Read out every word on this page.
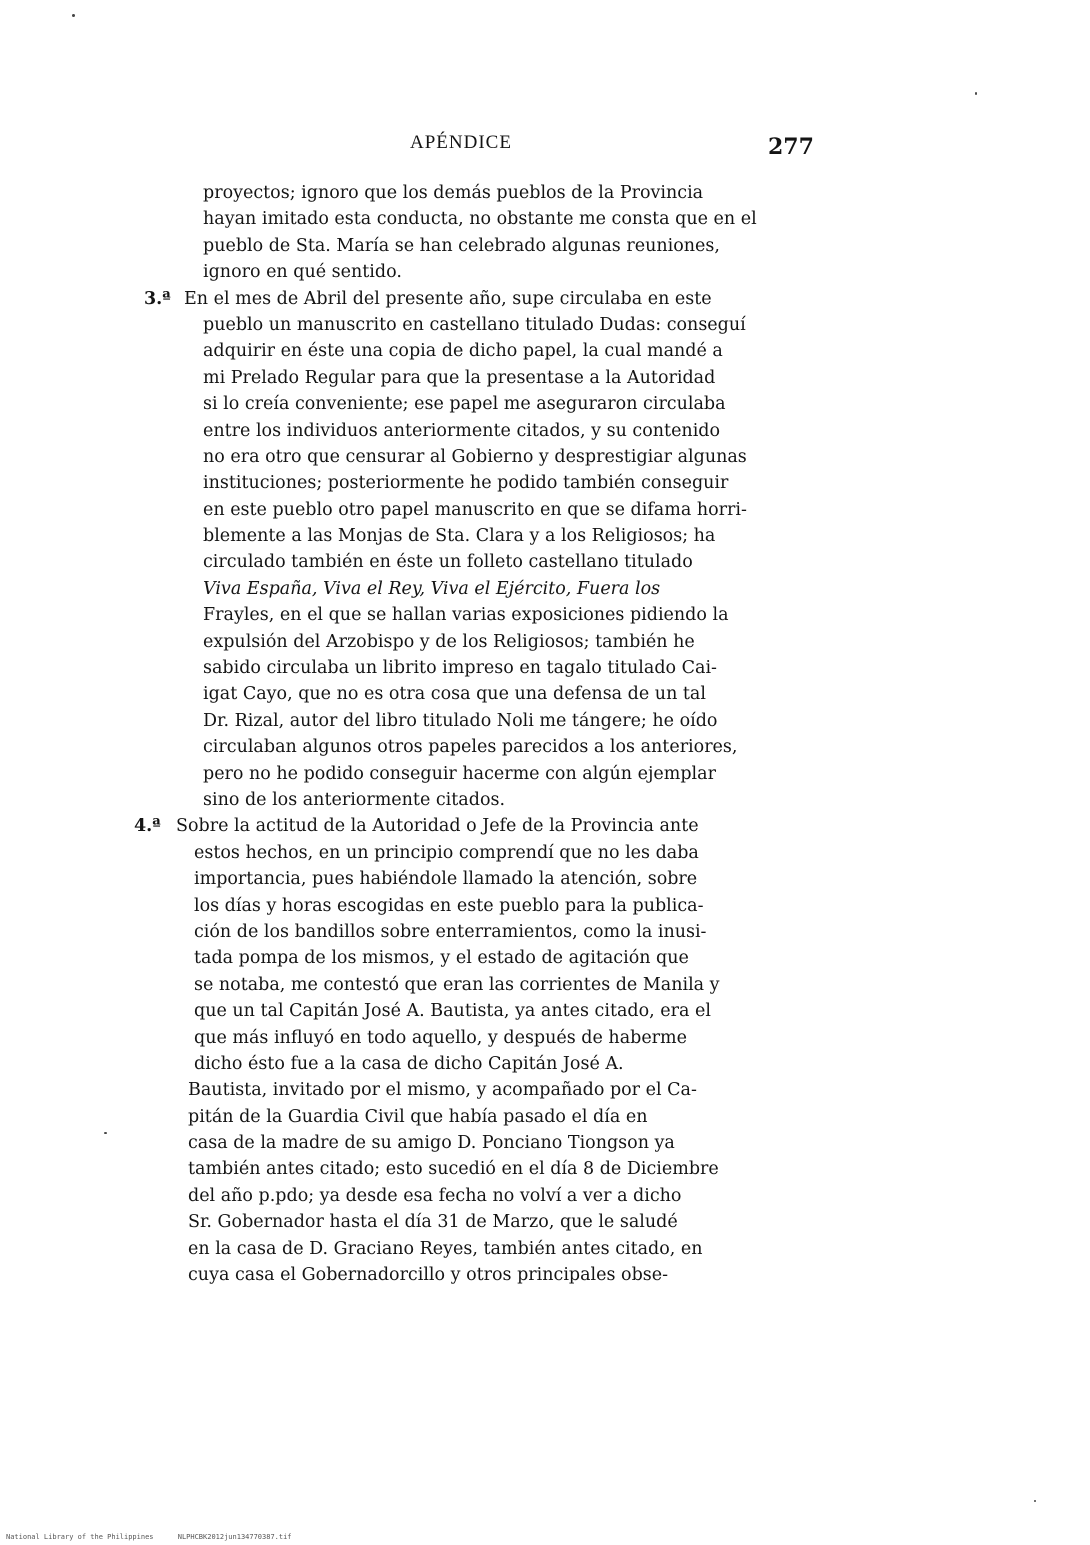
APÉNDICE	277
proyectos; ignoro que los demás pueblos de la Provincia
hayan imitado esta conducta, no obstante me consta que en el
pueblo de Sta. María se han celebrado algunas reuniones,
ignoro en qué sentido.
3.ª En el mes de Abril del presente año, supe circulaba en este
pueblo un manuscrito en castellano titulado Dudas: conseguí
adquirir en éste una copia de dicho papel, la cual mandé a
mi Prelado Regular para que la presentase a la Autoridad
si lo creía conveniente; ese papel me aseguraron circulaba
entre los individuos anteriormente citados, y su contenido
no era otro que censurar al Gobierno y desprestigiar algunas
instituciones; posteriormente he podido también conseguir
en este pueblo otro papel manuscrito en que se difama horri-
blemente a las Monjas de Sta. Clara y a los Religiosos; ha
circulado también en éste un folleto castellano titulado
Viva España, Viva el Rey, Viva el Ejército, Fuera los
Frayles, en el que se hallan varias exposiciones pidiendo la
expulsión del Arzobispo y de los Religiosos; también he
sabido circulaba un librito impreso en tagalo titulado Cai-
igat Cayo, que no es otra cosa que una defensa de un tal
Dr. Rizal, autor del libro titulado Noli me tángere; he oído
circulaban algunos otros papeles parecidos a los anteriores,
pero no he podido conseguir hacerme con algún ejemplar
sino de los anteriormente citados.
4.ª Sobre la actitud de la Autoridad o Jefe de la Provincia ante
estos hechos, en un principio comprendí que no les daba
importancia, pues habiéndole llamado la atención, sobre
los días y horas escogidas en este pueblo para la publica-
ción de los bandillos sobre enterramientos, como la inusi-
tada pompa de los mismos, y el estado de agitación que
se notaba, me contestó que eran las corrientes de Manila y
que un tal Capitán José A. Bautista, ya antes citado, era el
que más influyó en todo aquello, y después de haberme
dicho ésto fue a la casa de dicho Capitán José A.
Bautista, invitado por el mismo, y acompañado por el Ca-
pitán de la Guardia Civil que había pasado el día en
casa de la madre de su amigo D. Ponciano Tiongson ya
también antes citado; esto sucedió en el día 8 de Diciembre
del año p.pdo; ya desde esa fecha no volví a ver a dicho
Sr. Gobernador hasta el día 31 de Marzo, que le saludé
en la casa de D. Graciano Reyes, también antes citado, en
cuya casa el Gobernadorcillo y otros principales obse-
National Library of the Philippines	NLPHCBK2012jun134770387.tif
